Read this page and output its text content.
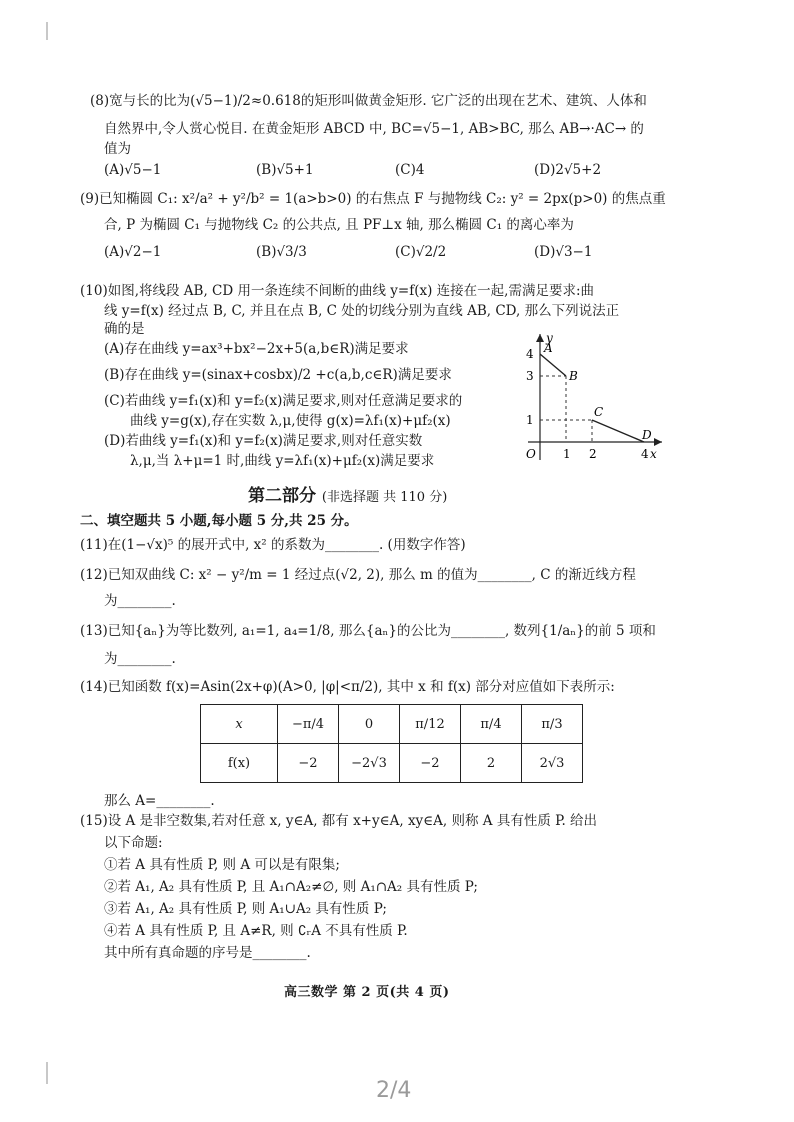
(8)宽与长的比为(√5−1)/2≈0.618的矩形叫做黄金矩形. 它广泛的出现在艺术、建筑、人体和
自然界中,令人赏心悦目. 在黄金矩形 ABCD 中, BC=√5−1, AB>BC, 那么 AB→·AC→ 的
值为
(A)√5−1	(B)√5+1	(C)4	(D)2√5+2
(9)已知椭圆 C₁: x²/a² + y²/b² = 1(a>b>0) 的右焦点 F 与抛物线 C₂: y² = 2px(p>0) 的焦点重
合, P 为椭圆 C₁ 与抛物线 C₂ 的公共点, 且 PF⊥x 轴, 那么椭圆 C₁ 的离心率为
(A)√2−1	(B)√3/3	(C)√2/2	(D)√3−1
(10)如图,将线段 AB, CD 用一条连续不间断的曲线 y=f(x) 连接在一起,需满足要求:曲
线 y=f(x) 经过点 B, C, 并且在点 B, C 处的切线分别为直线 AB, CD, 那么下列说法正
确的是
(A)存在曲线 y=ax³+bx²−2x+5(a,b∈R)满足要求
(B)存在曲线 y=(sinax+cosbx)/2 +c(a,b,c∈R)满足要求
(C)若曲线 y=f₁(x)和 y=f₂(x)满足要求,则对任意满足要求的
曲线 y=g(x),存在实数 λ,μ,使得 g(x)=λf₁(x)+μf₂(x)
(D)若曲线 y=f₁(x)和 y=f₂(x)满足要求,则对任意实数
λ,μ,当 λ+μ=1 时,曲线 y=λf₁(x)+μf₂(x)满足要求
A
B
C
D
1 2	4
1
3
4
y
x
O
第二部分 (非选择题 共 110 分)
二、填空题共 5 小题,每小题 5 分,共 25 分。
(11)在(1−√x)⁵ 的展开式中, x² 的系数为________. (用数字作答)
(12)已知双曲线 C: x² − y²/m = 1 经过点(√2, 2), 那么 m 的值为________, C 的渐近线方程
为________.
(13)已知{aₙ}为等比数列, a₁=1, a₄=1/8, 那么{aₙ}的公比为________, 数列{1/aₙ}的前 5 项和
为________.
(14)已知函数 f(x)=Asin(2x+φ)(A>0, |φ|<π/2), 其中 x 和 f(x) 部分对应值如下表所示:
x	−π/4	0	π/12	π/4	π/3
f(x)	−2	−2√3	−2	2	2√3
那么 A=________.
(15)设 A 是非空数集,若对任意 x, y∈A, 都有 x+y∈A, xy∈A, 则称 A 具有性质 P. 给出
以下命题:
①若 A 具有性质 P, 则 A 可以是有限集;
②若 A₁, A₂ 具有性质 P, 且 A₁∩A₂≠∅, 则 A₁∩A₂ 具有性质 P;
③若 A₁, A₂ 具有性质 P, 则 A₁∪A₂ 具有性质 P;
④若 A 具有性质 P, 且 A≠R, 则 ∁ᵣA 不具有性质 P.
其中所有真命题的序号是________.
高三数学 第 2 页(共 4 页)
2/4
